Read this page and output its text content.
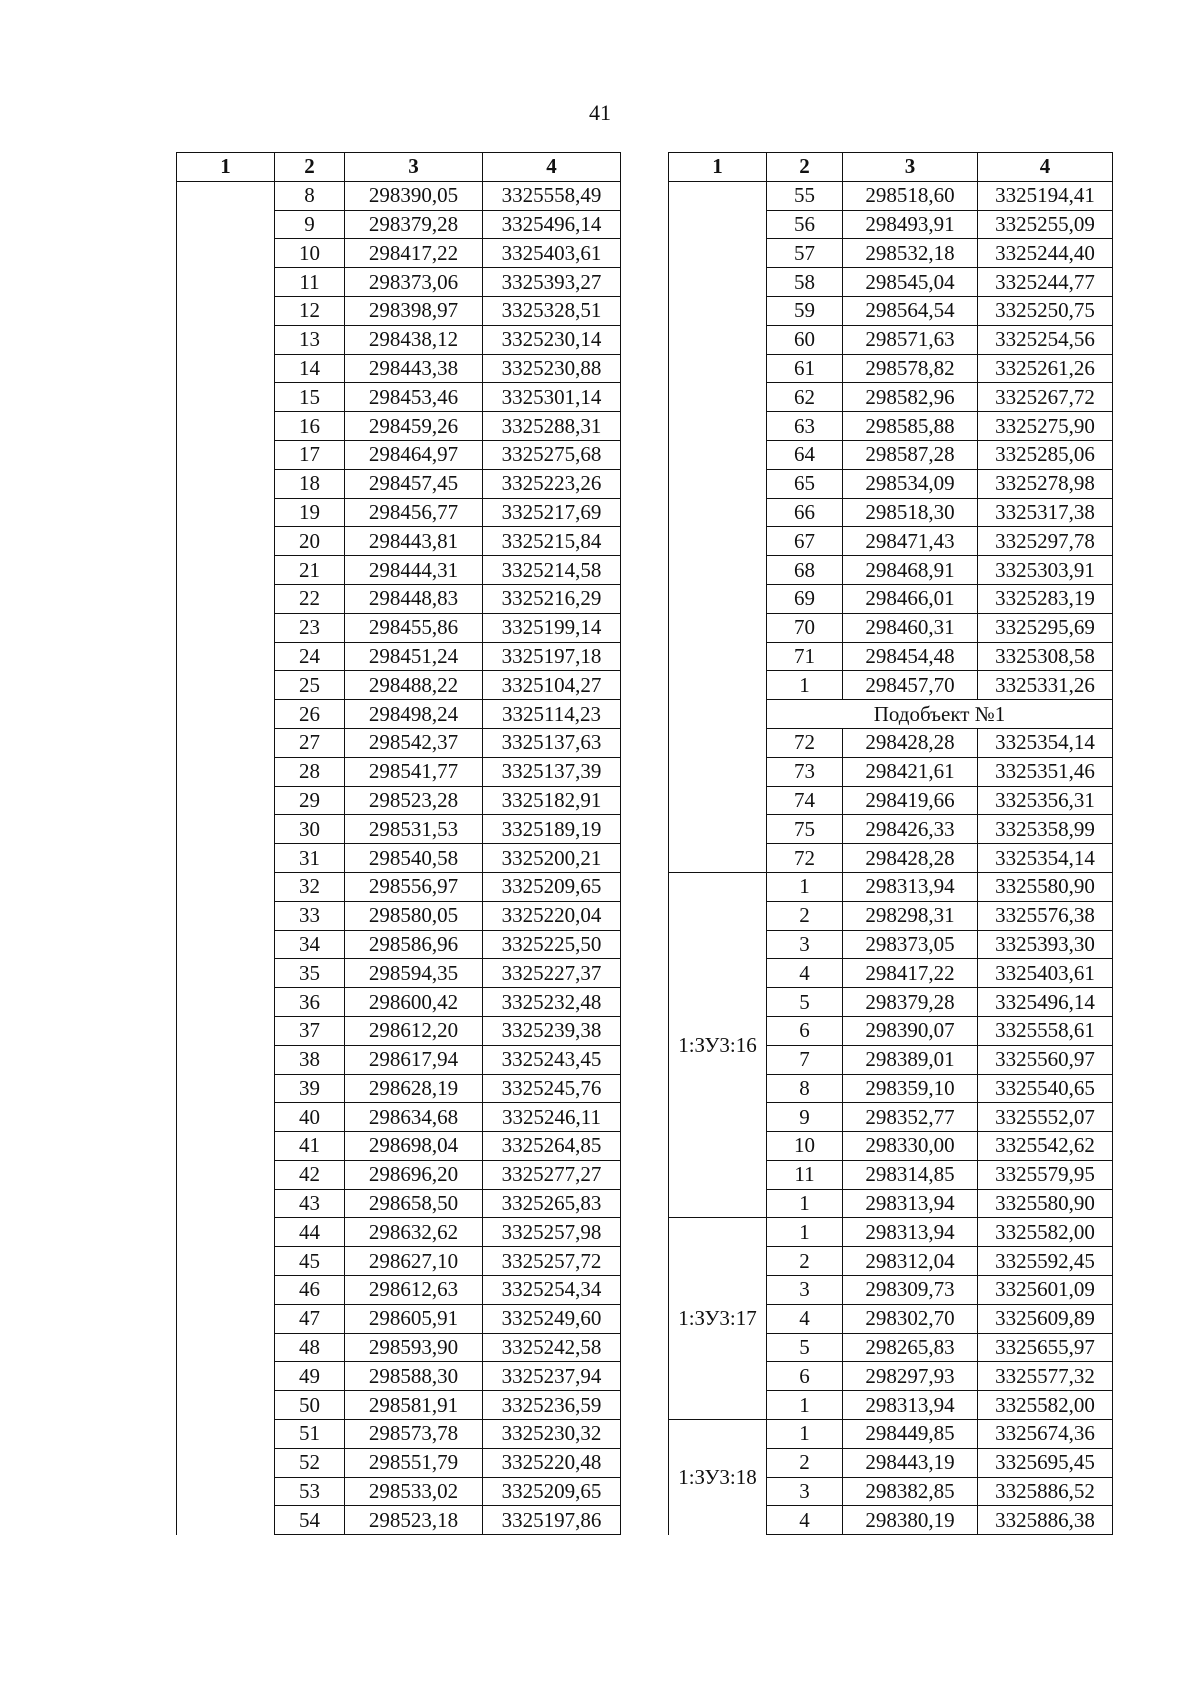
41
1	2	3	4
	8	298390,05	3325558,49
	9	298379,28	3325496,14
	10	298417,22	3325403,61
	11	298373,06	3325393,27
	12	298398,97	3325328,51
	13	298438,12	3325230,14
	14	298443,38	3325230,88
	15	298453,46	3325301,14
	16	298459,26	3325288,31
	17	298464,97	3325275,68
	18	298457,45	3325223,26
	19	298456,77	3325217,69
	20	298443,81	3325215,84
	21	298444,31	3325214,58
	22	298448,83	3325216,29
	23	298455,86	3325199,14
	24	298451,24	3325197,18
	25	298488,22	3325104,27
	26	298498,24	3325114,23
	27	298542,37	3325137,63
	28	298541,77	3325137,39
	29	298523,28	3325182,91
	30	298531,53	3325189,19
	31	298540,58	3325200,21
	32	298556,97	3325209,65
	33	298580,05	3325220,04
	34	298586,96	3325225,50
	35	298594,35	3325227,37
	36	298600,42	3325232,48
	37	298612,20	3325239,38
	38	298617,94	3325243,45
	39	298628,19	3325245,76
	40	298634,68	3325246,11
	41	298698,04	3325264,85
	42	298696,20	3325277,27
	43	298658,50	3325265,83
	44	298632,62	3325257,98
	45	298627,10	3325257,72
	46	298612,63	3325254,34
	47	298605,91	3325249,60
	48	298593,90	3325242,58
	49	298588,30	3325237,94
	50	298581,91	3325236,59
	51	298573,78	3325230,32
	52	298551,79	3325220,48
	53	298533,02	3325209,65
	54	298523,18	3325197,86
1	2	3	4
	55	298518,60	3325194,41
	56	298493,91	3325255,09
	57	298532,18	3325244,40
	58	298545,04	3325244,77
	59	298564,54	3325250,75
	60	298571,63	3325254,56
	61	298578,82	3325261,26
	62	298582,96	3325267,72
	63	298585,88	3325275,90
	64	298587,28	3325285,06
	65	298534,09	3325278,98
	66	298518,30	3325317,38
	67	298471,43	3325297,78
	68	298468,91	3325303,91
	69	298466,01	3325283,19
	70	298460,31	3325295,69
	71	298454,48	3325308,58
	1	298457,70	3325331,26
	Подобъект №1		
	72	298428,28	3325354,14
	73	298421,61	3325351,46
	74	298419,66	3325356,31
	75	298426,33	3325358,99
	72	298428,28	3325354,14
1:ЗУ3:16	1	298313,94	3325580,90
	2	298298,31	3325576,38
	3	298373,05	3325393,30
	4	298417,22	3325403,61
	5	298379,28	3325496,14
	6	298390,07	3325558,61
	7	298389,01	3325560,97
	8	298359,10	3325540,65
	9	298352,77	3325552,07
	10	298330,00	3325542,62
	11	298314,85	3325579,95
	1	298313,94	3325580,90
1:ЗУ3:17	1	298313,94	3325582,00
	2	298312,04	3325592,45
	3	298309,73	3325601,09
	4	298302,70	3325609,89
	5	298265,83	3325655,97
	6	298297,93	3325577,32
	1	298313,94	3325582,00
1:ЗУ3:18	1	298449,85	3325674,36
	2	298443,19	3325695,45
	3	298382,85	3325886,52
	4	298380,19	3325886,38
